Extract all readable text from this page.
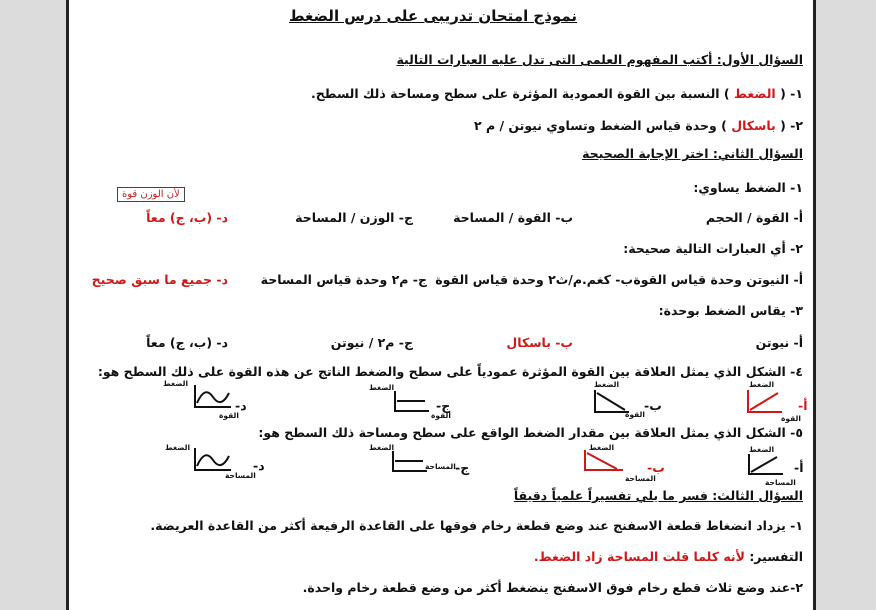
نموذج امتحان تدريبى على درس الضغط
السؤال الأول: أكتب المفهوم العلمى التى تدل عليه العبارات التالية
١- ( الضغط ) النسبة بين القوة العمودية المؤثرة على سطح ومساحة ذلك السطح.
٢- ( باسكال ) وحدة قياس الضغط وتساوي نيوتن / م ٢
السؤال الثاني: اختر الإجابة الصحيحة
١- الضغط يساوي:
لأن الوزن قوة
أ- القوة / الحجم
ب- القوة / المساحة
ج- الوزن / المساحة
د- (ب، ج) معاً
٢- أي العبارات التالية صحيحة:
أ- النيوتن وحدة قياس القوة
ب- كغم.م/ث٢ وحدة قياس القوة
ج- م٢ وحدة قياس المساحة
د- جميع ما سبق صحيح
٣- يقاس الضغط بوحدة:
أ- نيوتن
ب- باسكال
ج- م٢ / نيوتن
د- (ب، ج) معاً
٤- الشكل الذي يمثل العلاقة بين القوة المؤثرة عمودياً على سطح والضغط الناتج عن هذه القوة على ذلك السطح هو:
أ-
الضغط
القوة
ب-
الضغط
القوة
ج-
الضغط
القوة
د-
الضغط
القوة
٥- الشكل الذي يمثل العلاقة بين مقدار الضغط الواقع على سطح ومساحة ذلك السطح هو:
أ-
الضغط
المساحة
ب-
الضغط
المساحة
ج-
الضغط
المساحة
د-
الضغط
المساحة
السؤال الثالث: فسر ما يلي تفسيراً علمياً دقيقاً
١- يزداد انضغاط قطعة الاسفنج عند وضع قطعة رخام فوقها على القاعدة الرفيعة أكثر من القاعدة العريضة.
التفسير: لأنه كلما قلت المساحة زاد الضغط.
٢-عند وضع ثلاث قطع رخام فوق الاسفنج ينضغط أكثر من وضع قطعة رخام واحدة.
